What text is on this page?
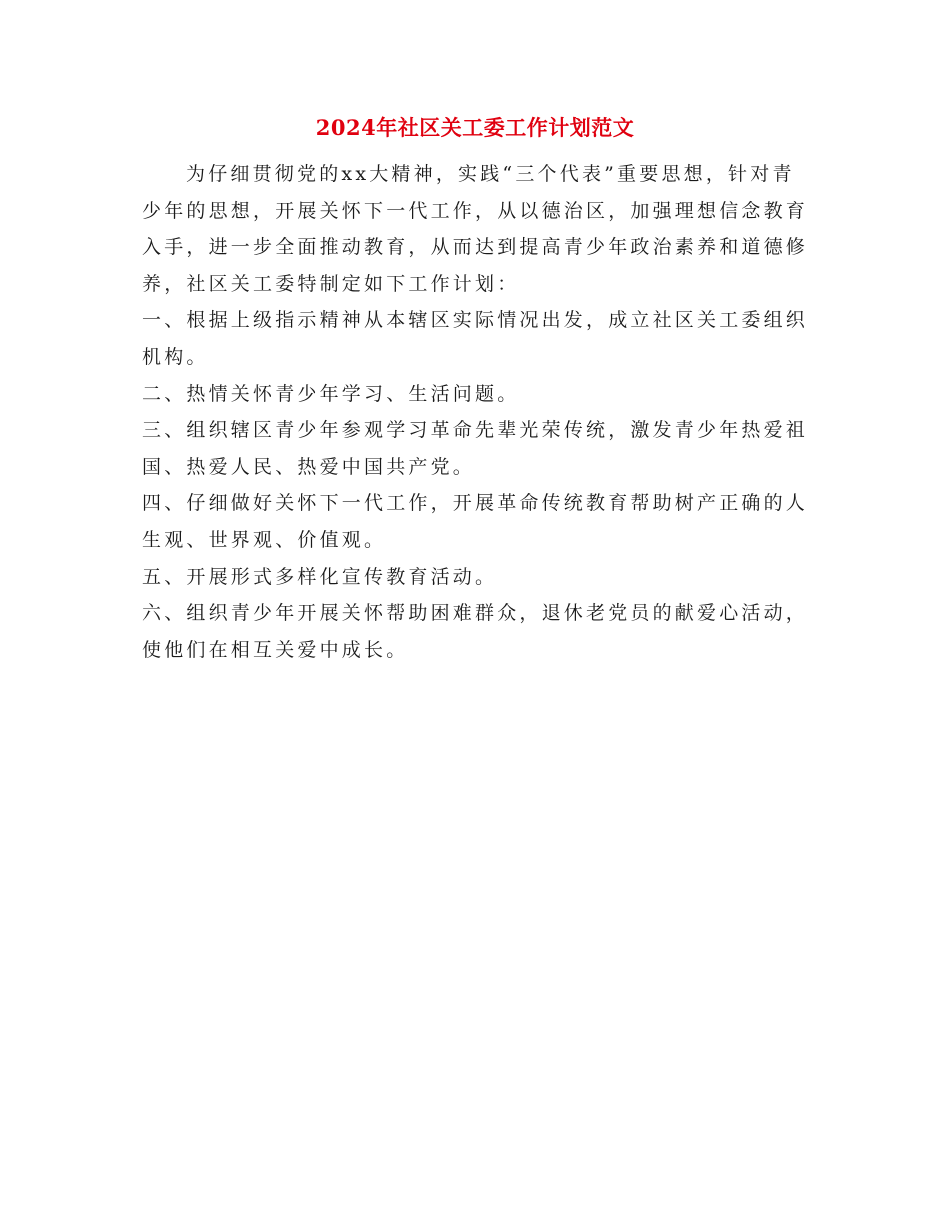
2024年社区关工委工作计划范文

为仔细贯彻党的xx大精神，实践“三个代表”重要思想，针对青少年的思想，开展关怀下一代工作，从以德治区，加强理想信念教育入手，进一步全面推动教育，从而达到提高青少年政治素养和道德修养，社区关工委特制定如下工作计划：

一、根据上级指示精神从本辖区实际情况出发，成立社区关工委组织机构。

二、热情关怀青少年学习、生活问题。

三、组织辖区青少年参观学习革命先辈光荣传统，激发青少年热爱祖国、热爱人民、热爱中国共产党。

四、仔细做好关怀下一代工作，开展革命传统教育帮助树产正确的人生观、世界观、价值观。

五、开展形式多样化宣传教育活动。

六、组织青少年开展关怀帮助困难群众，退休老党员的献爱心活动，使他们在相互关爱中成长。
